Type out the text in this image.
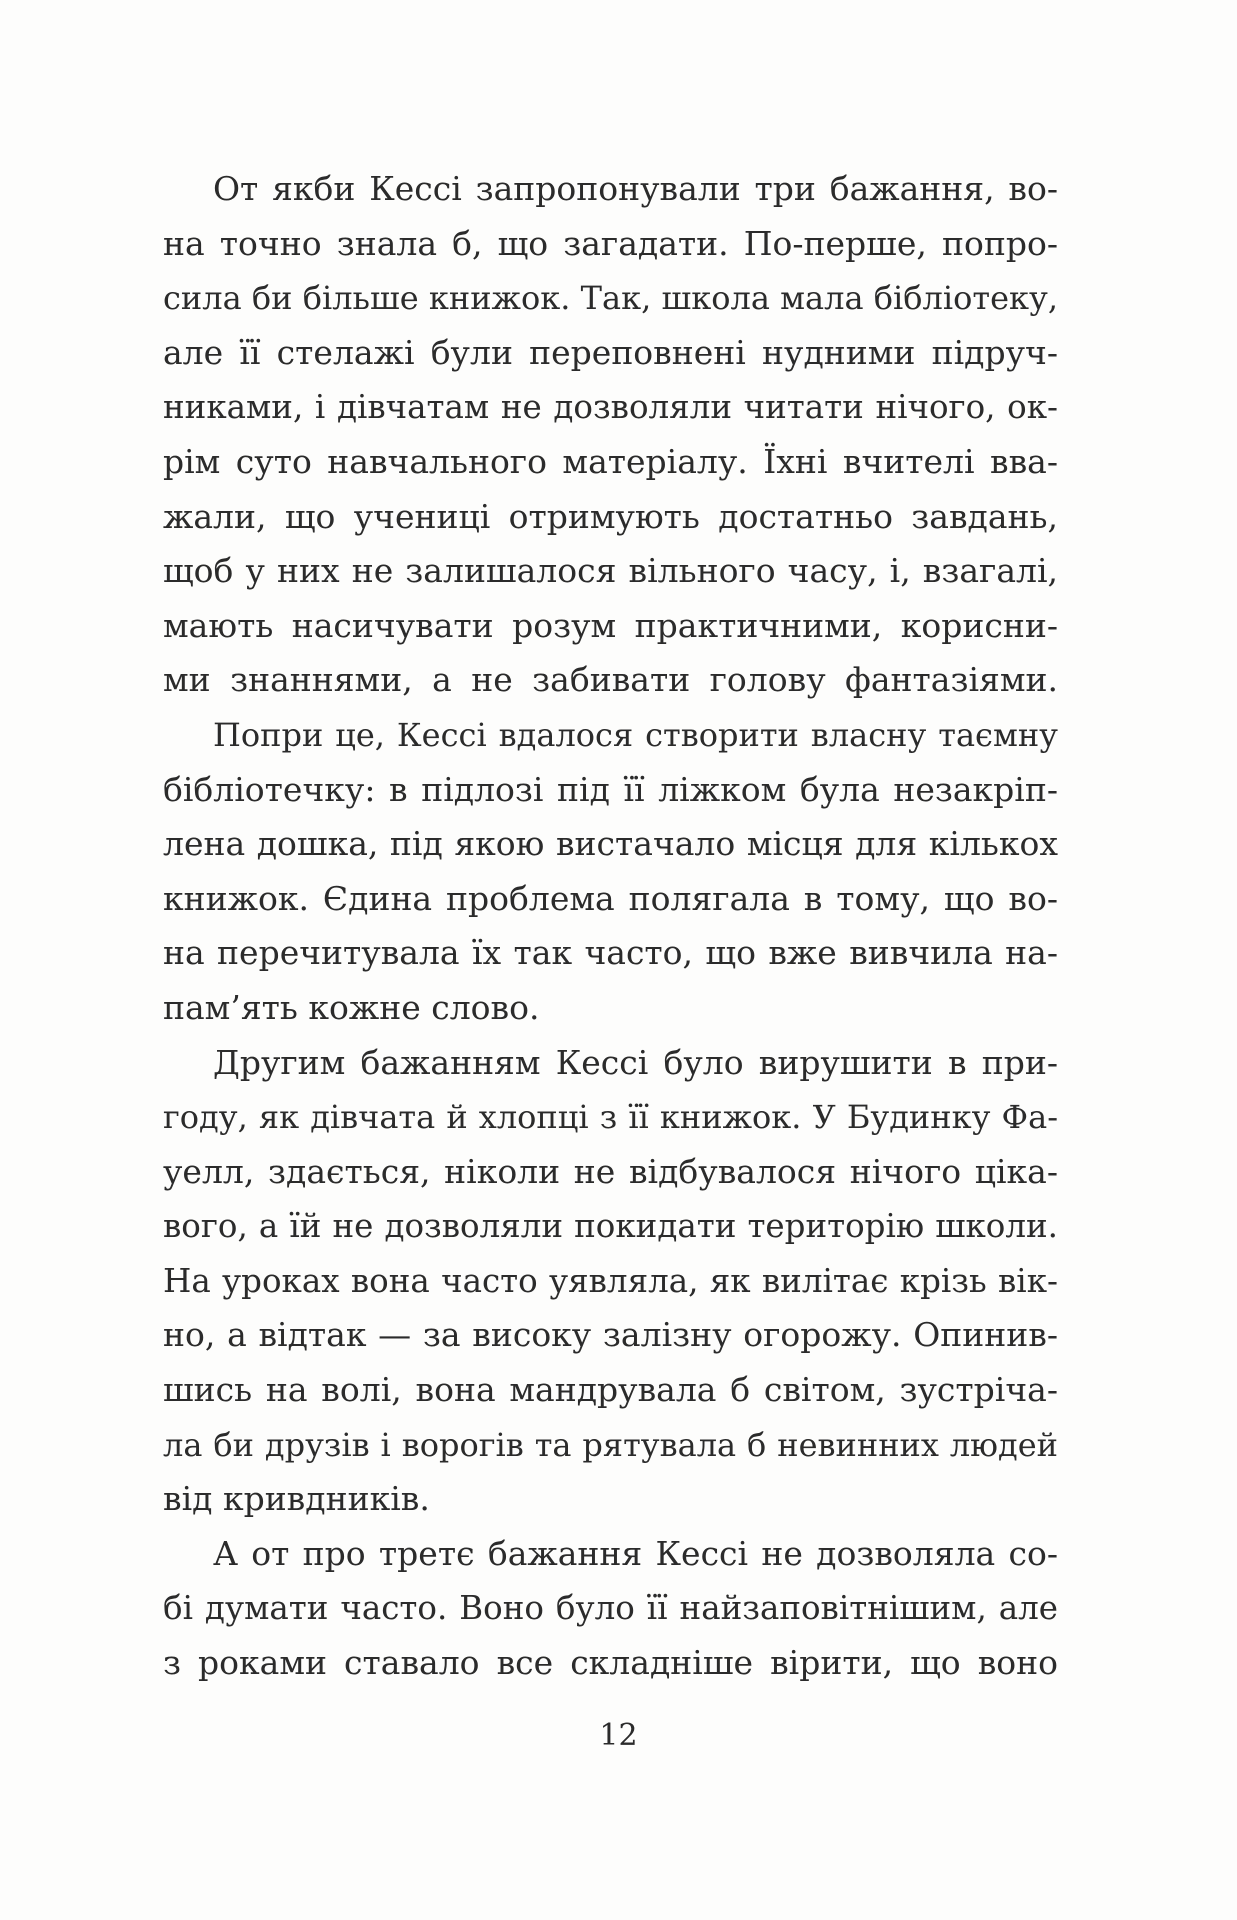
От якби Кессі запропонували три бажання, во-
на точно знала б, що загадати. По-перше, попро-
сила би більше книжок. Так, школа мала бібліотеку,
але її стелажі були переповнені нудними підруч-
никами, і дівчатам не дозволяли читати нічого, ок-
рім суто навчального матеріалу. Їхні вчителі вва-
жали, що учениці отримують достатньо завдань,
щоб у них не залишалося вільного часу, і, взагалі,
мають насичувати розум практичними, корисни-
ми знаннями, а не забивати голову фантазіями.
Попри це, Кессі вдалося створити власну таємну
бібліотечку: в підлозі під її ліжком була незакріп-
лена дошка, під якою вистачало місця для кількох
книжок. Єдина проблема полягала в тому, що во-
на перечитувала їх так часто, що вже вивчила на-
пам’ять кожне слово.
Другим бажанням Кессі було вирушити в при-
году, як дівчата й хлопці з її книжок. У Будинку Фа-
уелл, здається, ніколи не відбувалося нічого ціка-
вого, а їй не дозволяли покидати територію школи.
На уроках вона часто уявляла, як вилітає крізь вік-
но, а відтак — за високу залізну огорожу. Опинив-
шись на волі, вона мандрувала б світом, зустріча-
ла би друзів і ворогів та рятувала б невинних людей
від кривдників.
А от про третє бажання Кессі не дозволяла со-
бі думати часто. Воно було її найзаповітнішим, але
з роками ставало все складніше вірити, що воно
12
